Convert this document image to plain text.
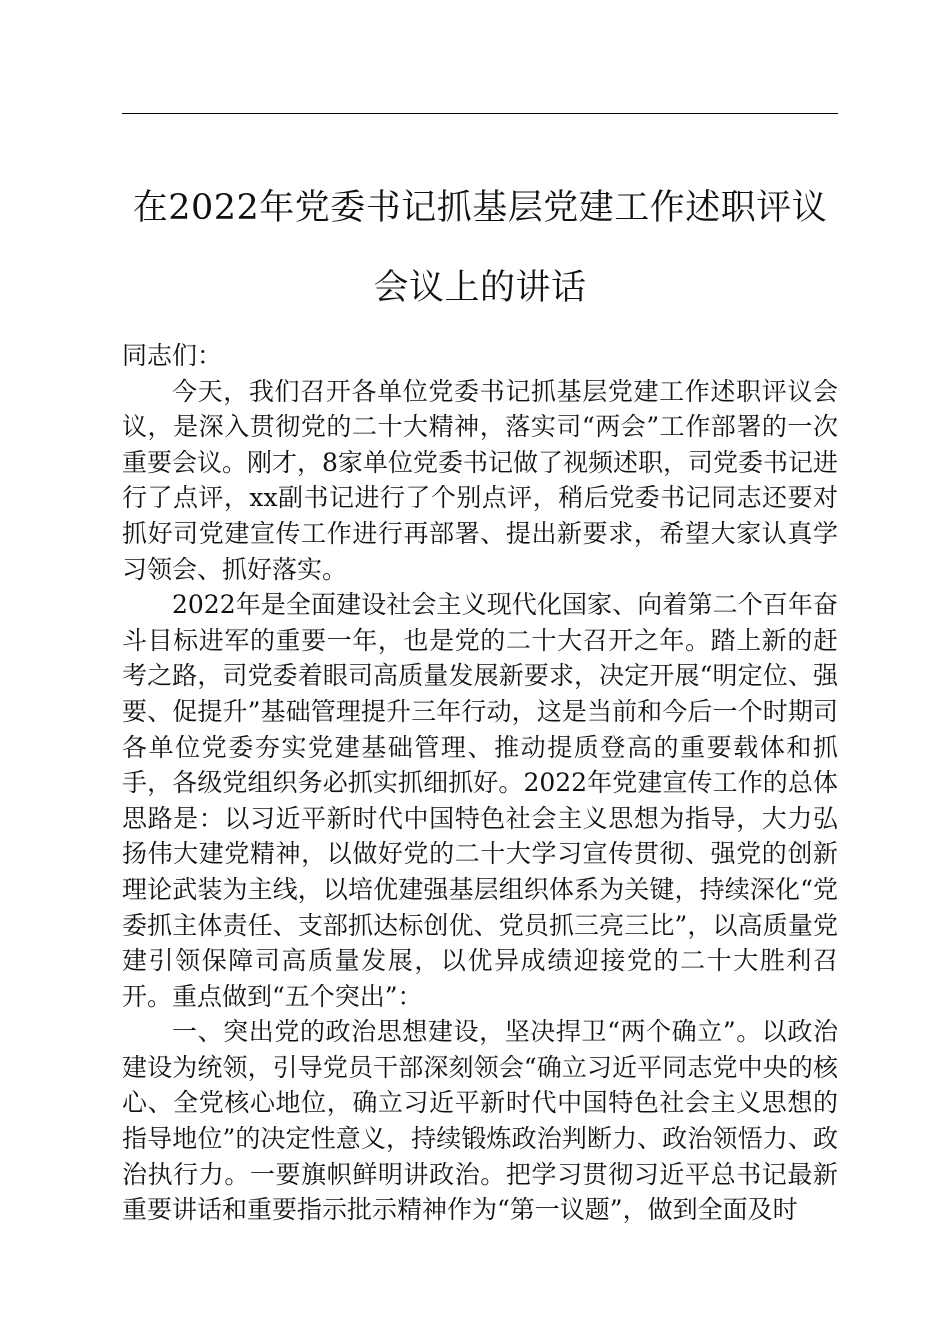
在2022年党委书记抓基层党建工作述职评议
会议上的讲话

同志们：

今天，我们召开各单位党委书记抓基层党建工作述职评议会议，是深入贯彻党的二十大精神，落实司“两会”工作部署的一次重要会议。刚才，8家单位党委书记做了视频述职，司党委书记进行了点评，xx副书记进行了个别点评，稍后党委书记同志还要对抓好司党建宣传工作进行再部署、提出新要求，希望大家认真学习领会、抓好落实。

2022年是全面建设社会主义现代化国家、向着第二个百年奋斗目标进军的重要一年，也是党的二十大召开之年。踏上新的赶考之路，司党委着眼司高质量发展新要求，决定开展“明定位、强要、促提升”基础管理提升三年行动，这是当前和今后一个时期司各单位党委夯实党建基础管理、推动提质登高的重要载体和抓手，各级党组织务必抓实抓细抓好。2022年党建宣传工作的总体思路是：以习近平新时代中国特色社会主义思想为指导，大力弘扬伟大建党精神，以做好党的二十大学习宣传贯彻、强党的创新理论武装为主线，以培优建强基层组织体系为关键，持续深化“党委抓主体责任、支部抓达标创优、党员抓三亮三比”，以高质量党建引领保障司高质量发展，以优异成绩迎接党的二十大胜利召开。重点做到“五个突出”：

一、突出党的政治思想建设，坚决捍卫“两个确立”。以政治建设为统领，引导党员干部深刻领会“确立习近平同志党中央的核心、全党核心地位，确立习近平新时代中国特色社会主义思想的指导地位”的决定性意义，持续锻炼政治判断力、政治领悟力、政治执行力。一要旗帜鲜明讲政治。把学习贯彻习近平总书记最新重要讲话和重要指示批示精神作为“第一议题”，做到全面及时
